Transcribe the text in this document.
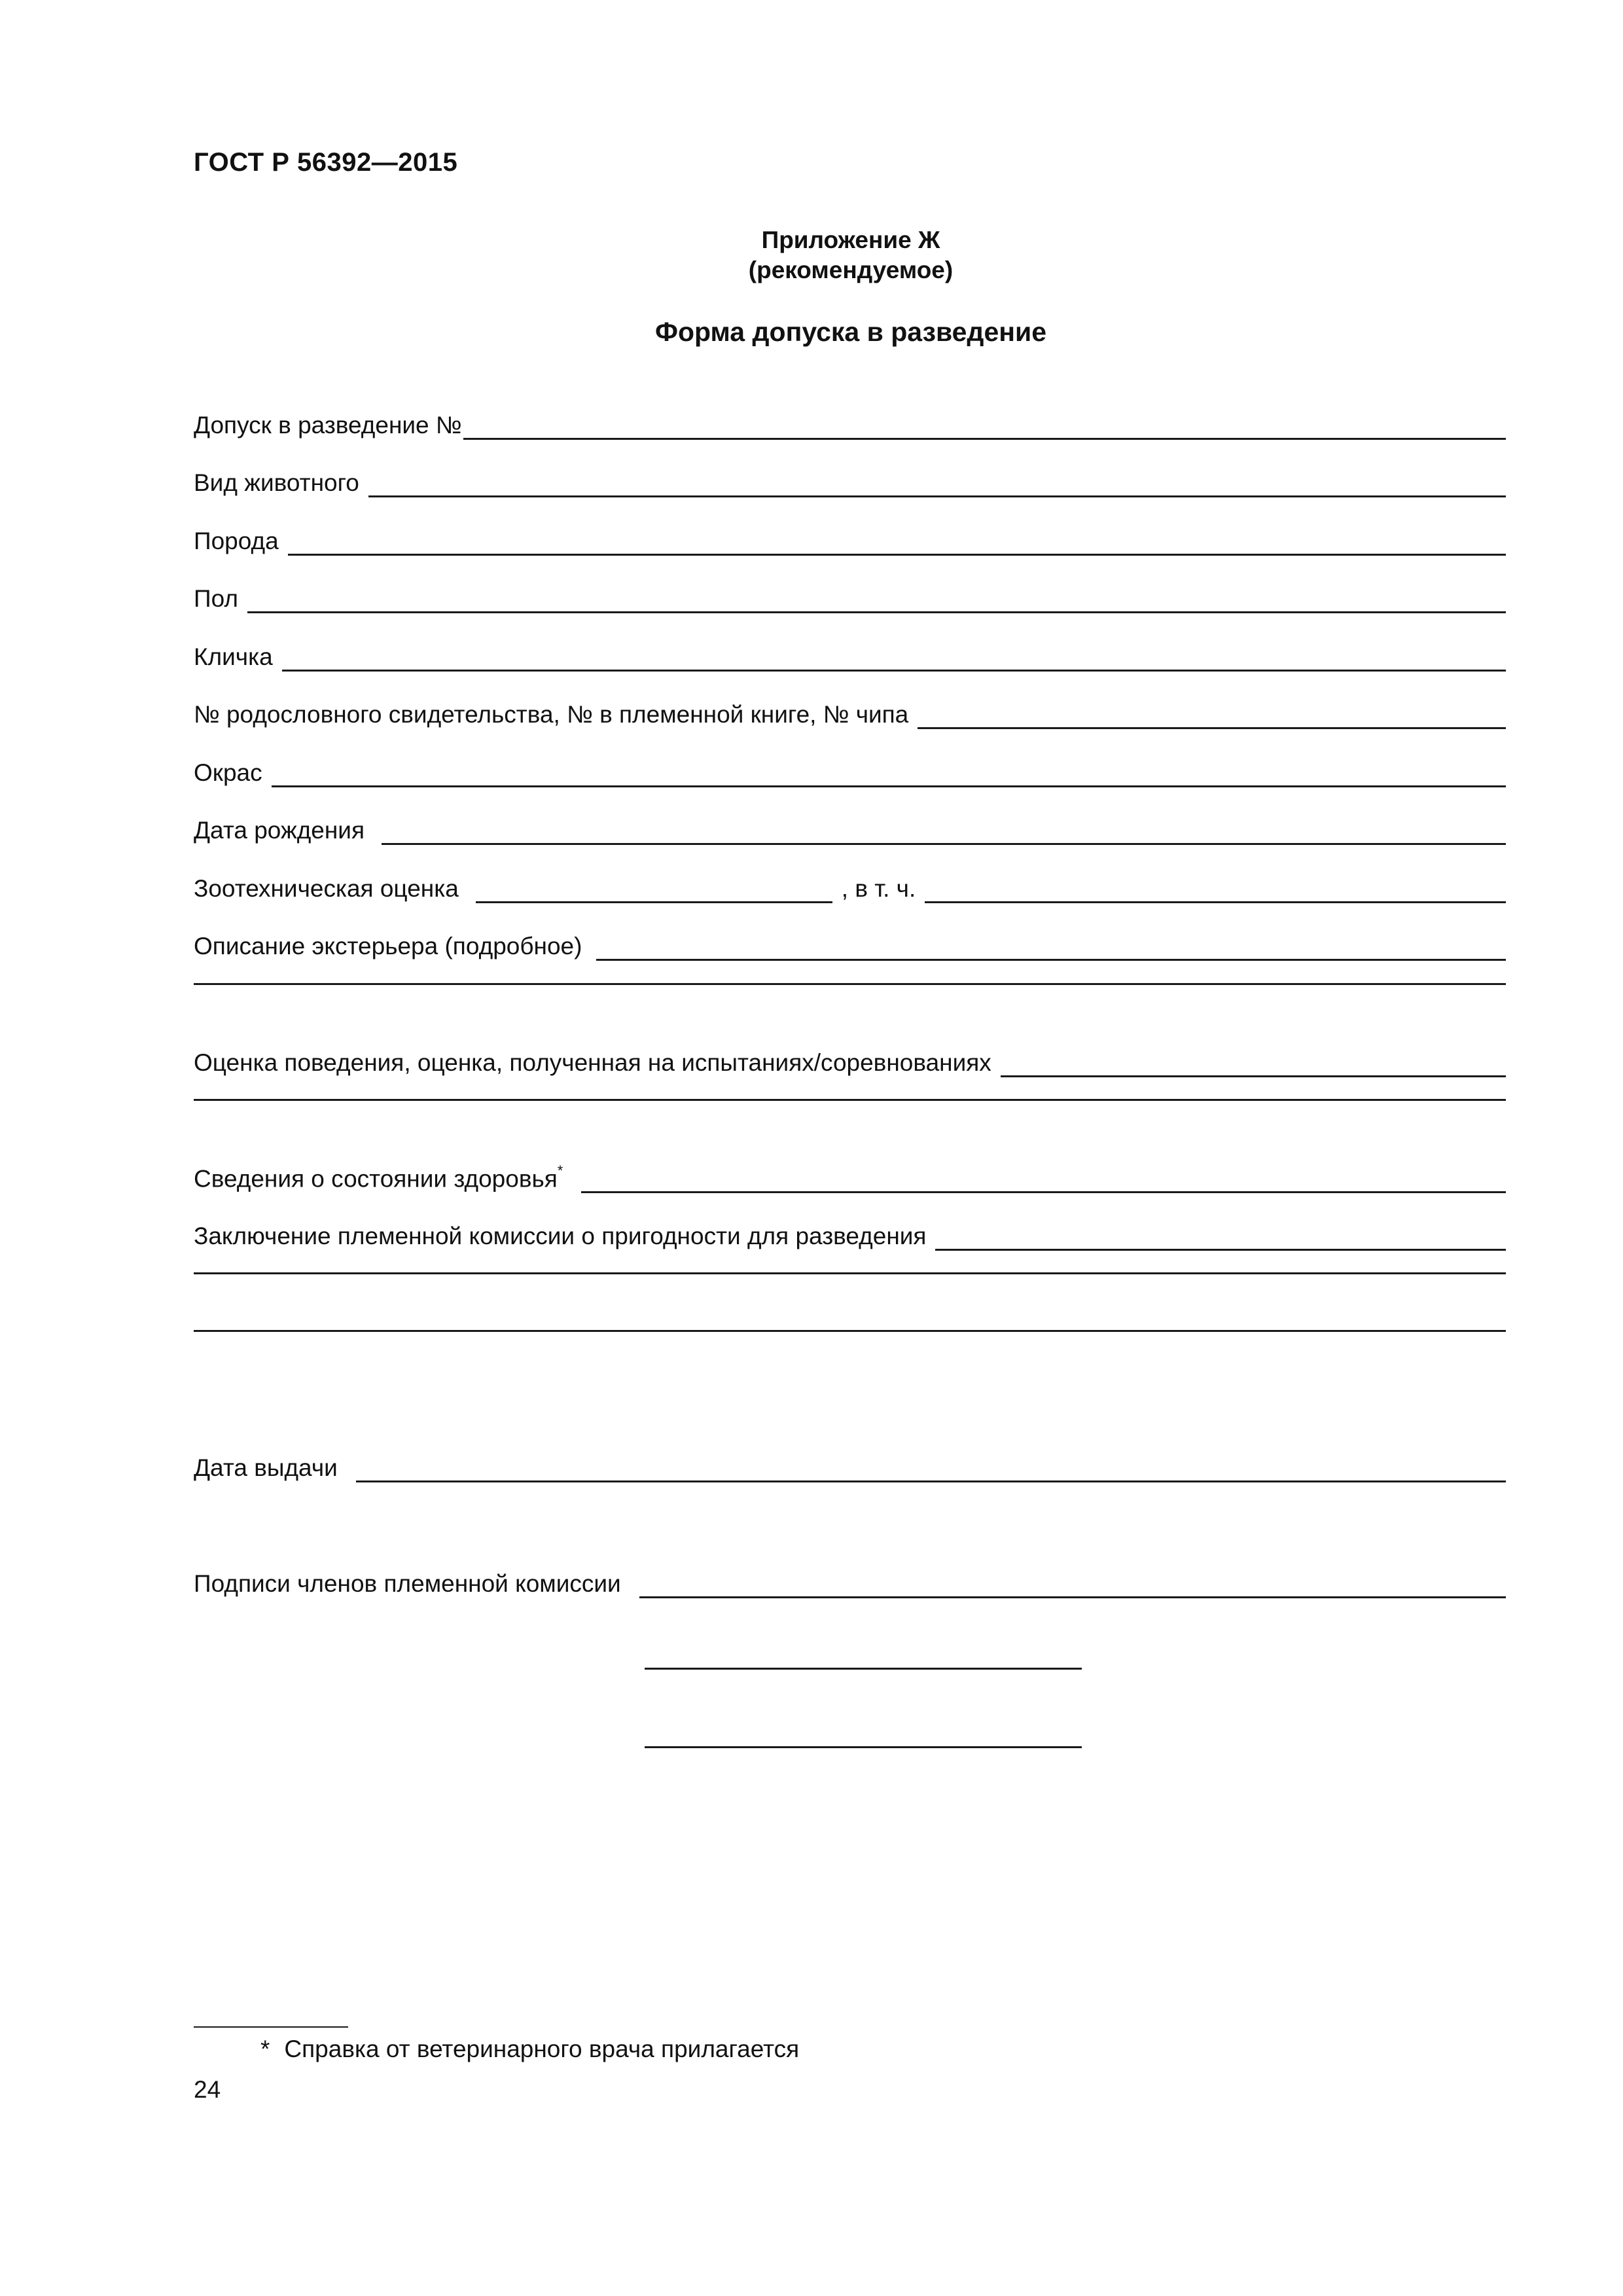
ГОСТ Р 56392—2015
Приложение Ж
(рекомендуемое)
Форма допуска в разведение
Допуск в разведение №
Вид животного
Порода
Пол
Кличка
№ родословного свидетельства, № в племенной книге, № чипа
Окрас
Дата рождения
Зоотехническая оценка	, в т. ч.
Описание экстерьера (подробное)
Оценка поведения, оценка, полученная на испытаниях/соревнованиях
Сведения о состоянии здоровья*
Заключение племенной комиссии о пригодности для разведения
Дата выдачи
Подписи членов племенной комиссии
* Справка от ветеринарного врача прилагается
24
